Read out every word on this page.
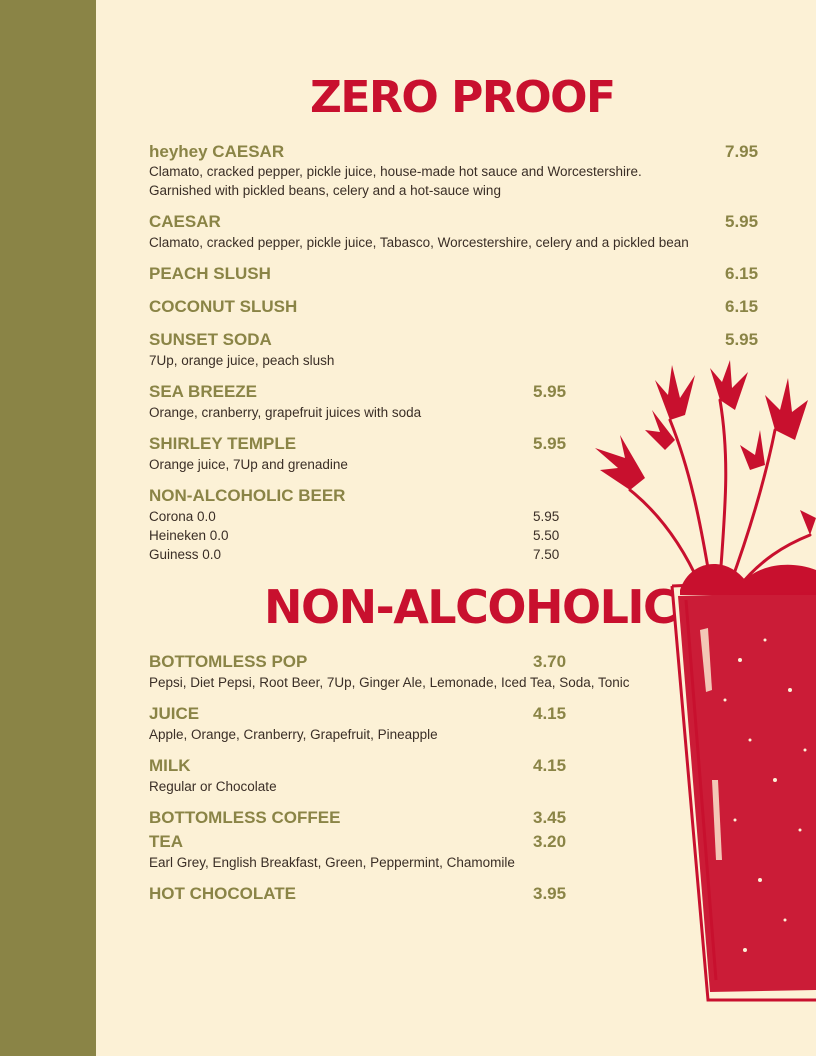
ZERO PROOF
heyhey CAESAR	7.95
Clamato, cracked pepper, pickle juice, house-made hot sauce and Worcestershire.
Garnished with pickled beans, celery and a hot-sauce wing
CAESAR	5.95
Clamato, cracked pepper, pickle juice, Tabasco, Worcestershire, celery and a pickled bean
PEACH SLUSH	6.15
COCONUT SLUSH	6.15
SUNSET SODA	5.95
7Up, orange juice, peach slush
SEA BREEZE	5.95
Orange, cranberry, grapefruit juices with soda
SHIRLEY TEMPLE	5.95
Orange juice, 7Up and grenadine
NON-ALCOHOLIC BEER
Corona 0.0	5.95
Heineken 0.0	5.50
Guiness 0.0	7.50
NON-ALCOHOLIC
BOTTOMLESS POP	3.70
Pepsi, Diet Pepsi, Root Beer, 7Up, Ginger Ale, Lemonade, Iced Tea, Soda, Tonic
JUICE	4.15
Apple, Orange, Cranberry, Grapefruit, Pineapple
MILK	4.15
Regular or Chocolate
BOTTOMLESS COFFEE	3.45
TEA	3.20
Earl Grey, English Breakfast, Green, Peppermint, Chamomile
HOT CHOCOLATE	3.95
